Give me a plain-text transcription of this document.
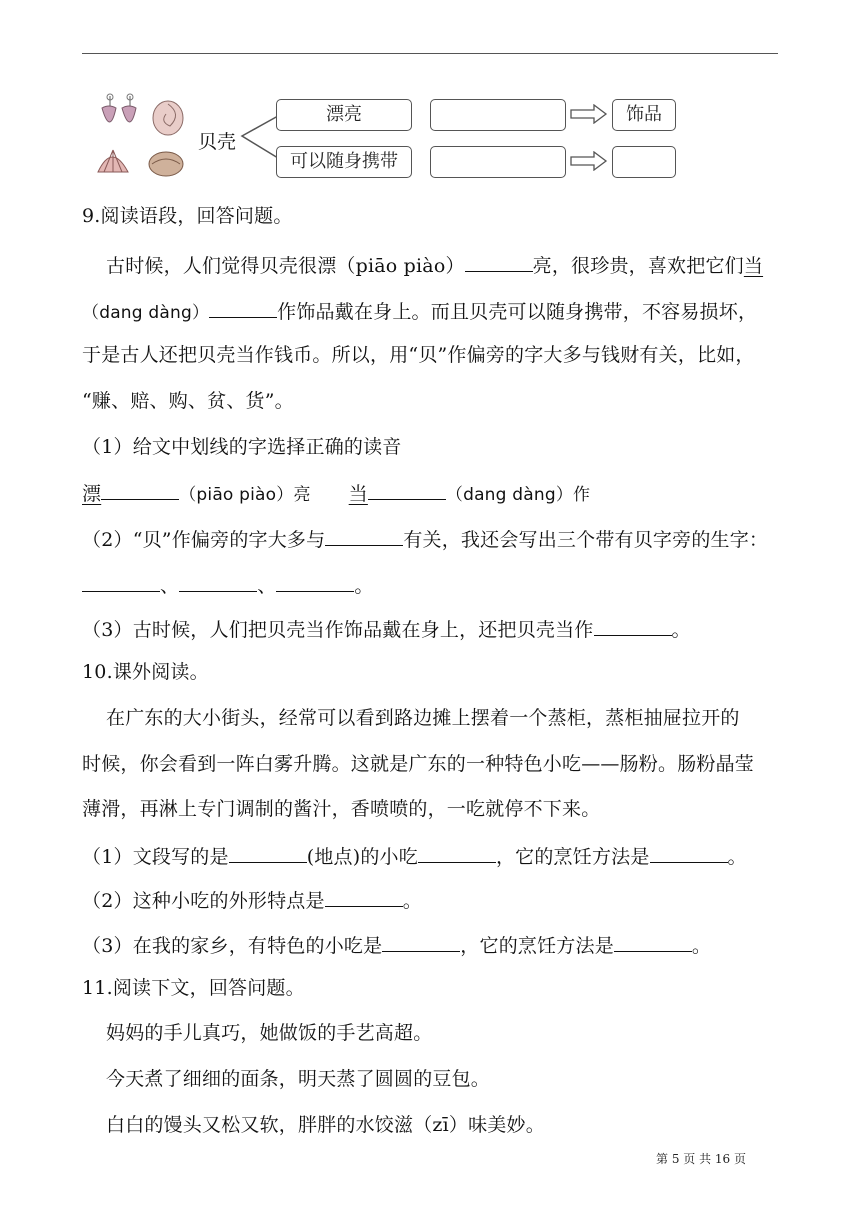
贝壳
漂亮	饰品
可以随身携带
9.阅读语段，回答问题。
古时候，人们觉得贝壳很漂（piāo piào）	亮，很珍贵，喜欢把它们当
（dang dàng）	作饰品戴在身上。而且贝壳可以随身携带，不容易损坏，
于是古人还把贝壳当作钱币。所以，用“贝”作偏旁的字大多与钱财有关，比如，
“赚、赔、购、贫、货”。
（1）给文中划线的字选择正确的读音
漂	（piāo piào）亮 当	（dang dàng）作
（2）“贝”作偏旁的字大多与	有关，我还会写出三个带有贝字旁的生字：
、	、	。
（3）古时候，人们把贝壳当作饰品戴在身上，还把贝壳当作	。
10.课外阅读。
在广东的大小街头，经常可以看到路边摊上摆着一个蒸柜，蒸柜抽屉拉开的
时候，你会看到一阵白雾升腾。这就是广东的一种特色小吃——肠粉。肠粉晶莹
薄滑，再淋上专门调制的酱汁，香喷喷的，一吃就停不下来。
（1）文段写的是	(地点)的小吃	，它的烹饪方法是	。
（2）这种小吃的外形特点是	。
（3）在我的家乡，有特色的小吃是	，它的烹饪方法是	。
11.阅读下文，回答问题。
妈妈的手儿真巧，她做饭的手艺高超。
今天煮了细细的面条，明天蒸了圆圆的豆包。
白白的馒头又松又软，胖胖的水饺滋（zī）味美妙。
第 5 页 共 16 页
